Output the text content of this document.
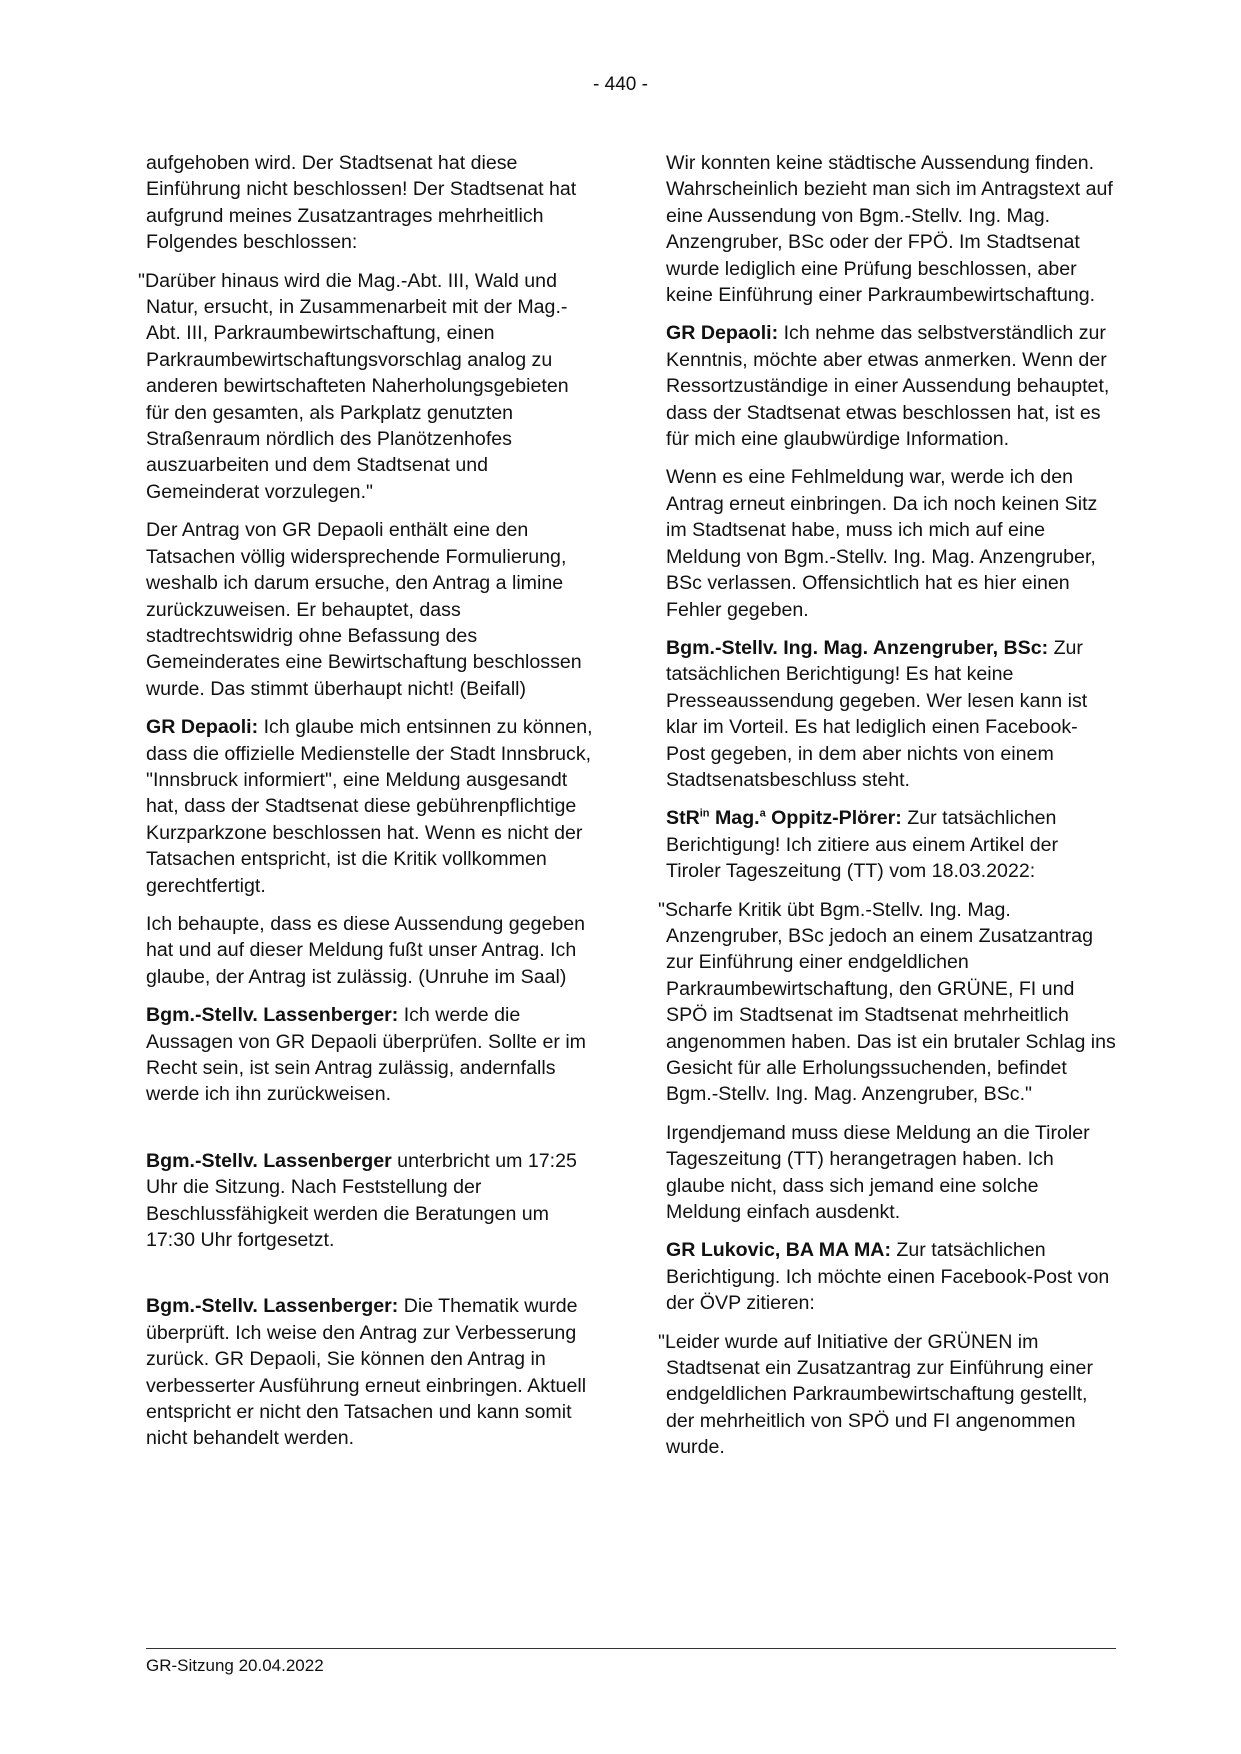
- 440 -

aufgehoben wird. Der Stadtsenat hat diese Einführung nicht beschlossen! Der Stadtsenat hat aufgrund meines Zusatzantrages mehrheitlich Folgendes beschlossen:

"Darüber hinaus wird die Mag.-Abt. III, Wald und Natur, ersucht, in Zusammenarbeit mit der Mag.-Abt. III, Parkraumbewirtschaftung, einen Parkraumbewirtschaftungsvorschlag analog zu anderen bewirtschafteten Naherholungsgebieten für den gesamten, als Parkplatz genutzten Straßenraum nördlich des Planötzenhofes auszuarbeiten und dem Stadtsenat und Gemeinderat vorzulegen."

Der Antrag von GR Depaoli enthält eine den Tatsachen völlig widersprechende Formulierung, weshalb ich darum ersuche, den Antrag a limine zurückzuweisen. Er behauptet, dass stadtrechtswidrig ohne Befassung des Gemeinderates eine Bewirtschaftung beschlossen wurde. Das stimmt überhaupt nicht! (Beifall)

GR Depaoli: Ich glaube mich entsinnen zu können, dass die offizielle Medienstelle der Stadt Innsbruck, "Innsbruck informiert", eine Meldung ausgesandt hat, dass der Stadtsenat diese gebührenpflichtige Kurzparkzone beschlossen hat. Wenn es nicht der Tatsachen entspricht, ist die Kritik vollkommen gerechtfertigt.

Ich behaupte, dass es diese Aussendung gegeben hat und auf dieser Meldung fußt unser Antrag. Ich glaube, der Antrag ist zulässig. (Unruhe im Saal)

Bgm.-Stellv. Lassenberger: Ich werde die Aussagen von GR Depaoli überprüfen. Sollte er im Recht sein, ist sein Antrag zulässig, andernfalls werde ich ihn zurückweisen.

Bgm.-Stellv. Lassenberger unterbricht um 17:25 Uhr die Sitzung. Nach Feststellung der Beschlussfähigkeit werden die Beratungen um 17:30 Uhr fortgesetzt.

Bgm.-Stellv. Lassenberger: Die Thematik wurde überprüft. Ich weise den Antrag zur Verbesserung zurück. GR Depaoli, Sie können den Antrag in verbesserter Ausführung erneut einbringen. Aktuell entspricht er nicht den Tatsachen und kann somit nicht behandelt werden.

Wir konnten keine städtische Aussendung finden. Wahrscheinlich bezieht man sich im Antragstext auf eine Aussendung von Bgm.-Stellv. Ing. Mag. Anzengruber, BSc oder der FPÖ. Im Stadtsenat wurde lediglich eine Prüfung beschlossen, aber keine Einführung einer Parkraumbewirtschaftung.

GR Depaoli: Ich nehme das selbstverständlich zur Kenntnis, möchte aber etwas anmerken. Wenn der Ressortzuständige in einer Aussendung behauptet, dass der Stadtsenat etwas beschlossen hat, ist es für mich eine glaubwürdige Information.

Wenn es eine Fehlmeldung war, werde ich den Antrag erneut einbringen. Da ich noch keinen Sitz im Stadtsenat habe, muss ich mich auf eine Meldung von Bgm.-Stellv. Ing. Mag. Anzengruber, BSc verlassen. Offensichtlich hat es hier einen Fehler gegeben.

Bgm.-Stellv. Ing. Mag. Anzengruber, BSc: Zur tatsächlichen Berichtigung! Es hat keine Presseaussendung gegeben. Wer lesen kann ist klar im Vorteil. Es hat lediglich einen Facebook-Post gegeben, in dem aber nichts von einem Stadtsenatsbeschluss steht.

StR$^{in}$ Mag.$^a$ Oppitz-Plörer: Zur tatsächlichen Berichtigung! Ich zitiere aus einem Artikel der Tiroler Tageszeitung (TT) vom 18.03.2022:

"Scharfe Kritik übt Bgm.-Stellv. Ing. Mag. Anzengruber, BSc jedoch an einem Zusatzantrag zur Einführung einer endgeldlichen Parkraumbewirtschaftung, den GRÜNE, FI und SPÖ im Stadtsenat im Stadtsenat mehrheitlich angenommen haben. Das ist ein brutaler Schlag ins Gesicht für alle Erholungssuchenden, befindet Bgm.-Stellv. Ing. Mag. Anzengruber, BSc."

Irgendjemand muss diese Meldung an die Tiroler Tageszeitung (TT) herangetragen haben. Ich glaube nicht, dass sich jemand eine solche Meldung einfach ausdenkt.

GR Lukovic, BA MA MA: Zur tatsächlichen Berichtigung. Ich möchte einen Facebook-Post von der ÖVP zitieren:

"Leider wurde auf Initiative der GRÜNEN im Stadtsenat ein Zusatzantrag zur Einführung einer endgeldlichen Parkraumbewirtschaftung gestellt, der mehrheitlich von SPÖ und FI angenommen wurde.

GR-Sitzung 20.04.2022
